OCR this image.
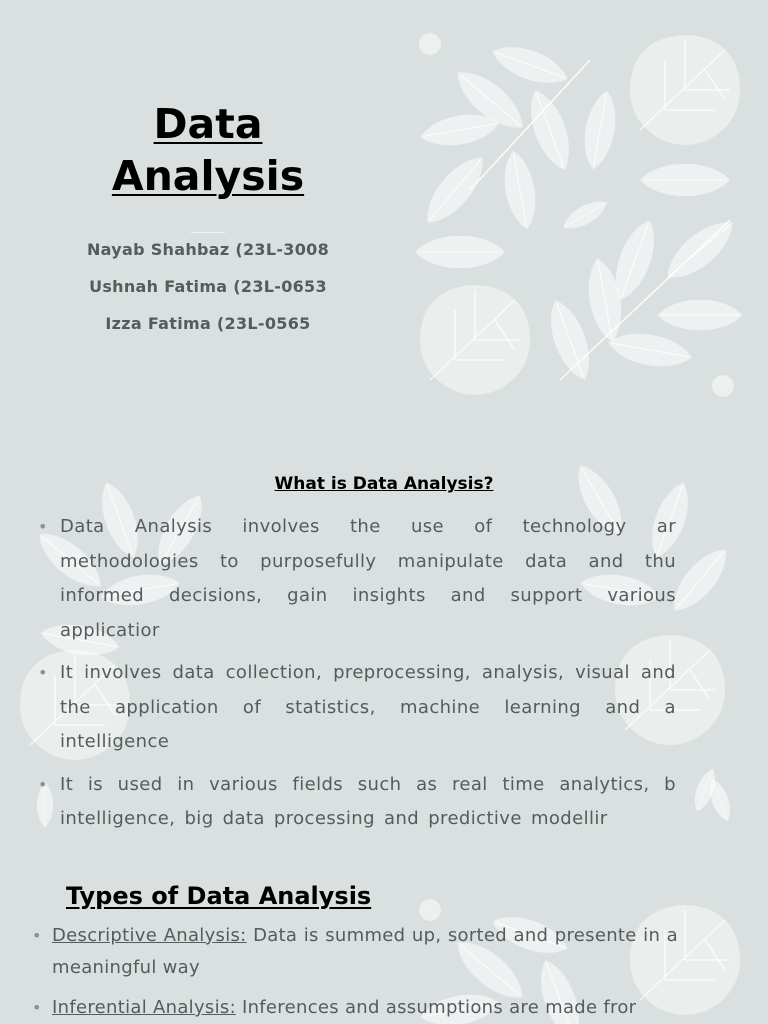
Data Analysis
Nayab Shahbaz (23L-3008
Ushnah Fatima (23L-0653
Izza Fatima (23L-0565
What is Data Analysis?
• Data Analysis involves the use of technology ar methodologies to purposefully manipulate data and thu informed decisions, gain insights and support various applicatior
• It involves data collection, preprocessing, analysis, visual and the application of statistics, machine learning and a intelligence
• It is used in various fields such as real time analytics, b intelligence, big data processing and predictive modellir
Types of Data Analysis
• Descriptive Analysis: Data is summed up, sorted and presente in a meaningful way
• Inferential Analysis: Inferences and assumptions are made fror
